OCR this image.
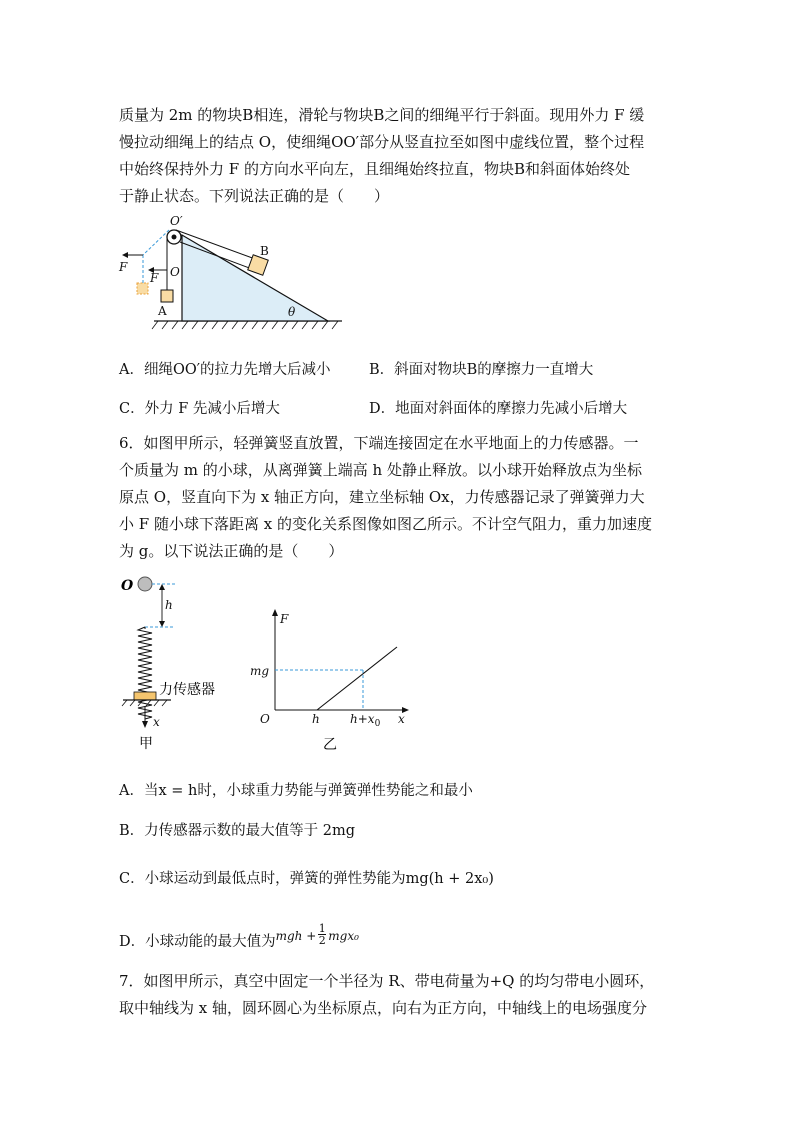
质量为 2m 的物块B相连，滑轮与物块B之间的细绳平行于斜面。现用外力 F 缓
慢拉动细绳上的结点 O，使细绳OO′部分从竖直拉至如图中虚线位置，整个过程
中始终保持外力 F 的方向水平向左，且细绳始终拉直，物块B和斜面体始终处
于静止状态。下列说法正确的是（　　）
O′
B
F
F O
A	θ
A．细绳OO′的拉力先增大后减小	B．斜面对物块B的摩擦力一直增大
C．外力 F 先减小后增大	D．地面对斜面体的摩擦力先减小后增大
6．如图甲所示，轻弹簧竖直放置，下端连接固定在水平地面上的力传感器。一
个质量为 m 的小球，从离弹簧上端高 h 处静止释放。以小球开始释放点为坐标
原点 O，竖直向下为 x 轴正方向，建立坐标轴 Ox，力传感器记录了弹簧弹力大
小 F 随小球下落距离 x 的变化关系图像如图乙所示。不计空气阻力，重力加速度
为 g。以下说法正确的是（　　）
O
h
力传感器
x
甲
F
mg
O	h	$h+x_0$ x
乙
A．当x = h时，小球重力势能与弹簧弹性势能之和最小
B．力传感器示数的最大值等于 2mg
C．小球运动到最低点时，弹簧的弹性势能为mg(h + 2x₀)
D．小球动能的最大值为 mgh + 1
2 mgx₀
7．如图甲所示，真空中固定一个半径为 R、带电荷量为+Q 的均匀带电小圆环，
取中轴线为 x 轴，圆环圆心为坐标原点，向右为正方向，中轴线上的电场强度分
